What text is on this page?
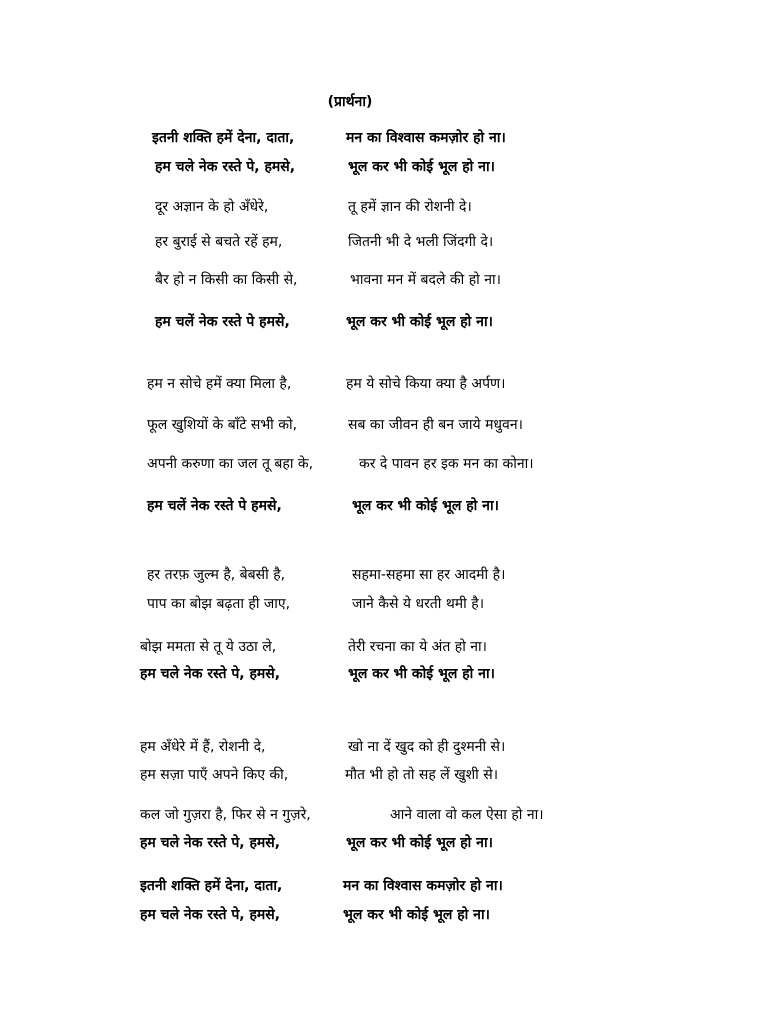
(प्रार्थना)
इतनी शक्ति हमें देना, दाता,	मन का विश्वास कमज़ोर हो ना।
हम चले नेक रस्ते पे, हमसे,	भूल कर भी कोई भूल हो ना।
दूर अज्ञान के हो अँधेरे,	तू हमें ज्ञान की रोशनी दे।
हर बुराई से बचते रहें हम,	जितनी भी दे भली जिंदगी दे।
बैर हो न किसी का किसी से,	भावना मन में बदले की हो ना।
हम चलें नेक रस्ते पे हमसे,	भूल कर भी कोई भूल हो ना।
हम न सोचे हमें क्या मिला है,	हम ये सोचे किया क्या है अर्पण।
फूल खुशियों के बाँटे सभी को,	सब का जीवन ही बन जाये मधुवन।
अपनी करुणा का जल तू बहा के,	कर दे पावन हर इक मन का कोना।
हम चलें नेक रस्ते पे हमसे,	भूल कर भी कोई भूल हो ना।
हर तरफ़ जुल्म है, बेबसी है,	सहमा-सहमा सा हर आदमी है।
पाप का बोझ बढ़ता ही जाए,	जाने कैसे ये धरती थमी है।
बोझ ममता से तू ये उठा ले,	तेरी रचना का ये अंत हो ना।
हम चले नेक रस्ते पे, हमसे,	भूल कर भी कोई भूल हो ना।
हम अँधेरे में हैं, रोशनी दे,	खो ना दें खुद को ही दुश्मनी से।
हम सज़ा पाएँ अपने किए की,	मौत भी हो तो सह लें खुशी से।
कल जो गुज़रा है, फिर से न गुज़रे,	आने वाला वो कल ऐसा हो ना।
हम चले नेक रस्ते पे, हमसे,	भूल कर भी कोई भूल हो ना।
इतनी शक्ति हमें देना, दाता,	मन का विश्वास कमज़ोर हो ना।
हम चले नेक रस्ते पे, हमसे,	भूल कर भी कोई भूल हो ना।
